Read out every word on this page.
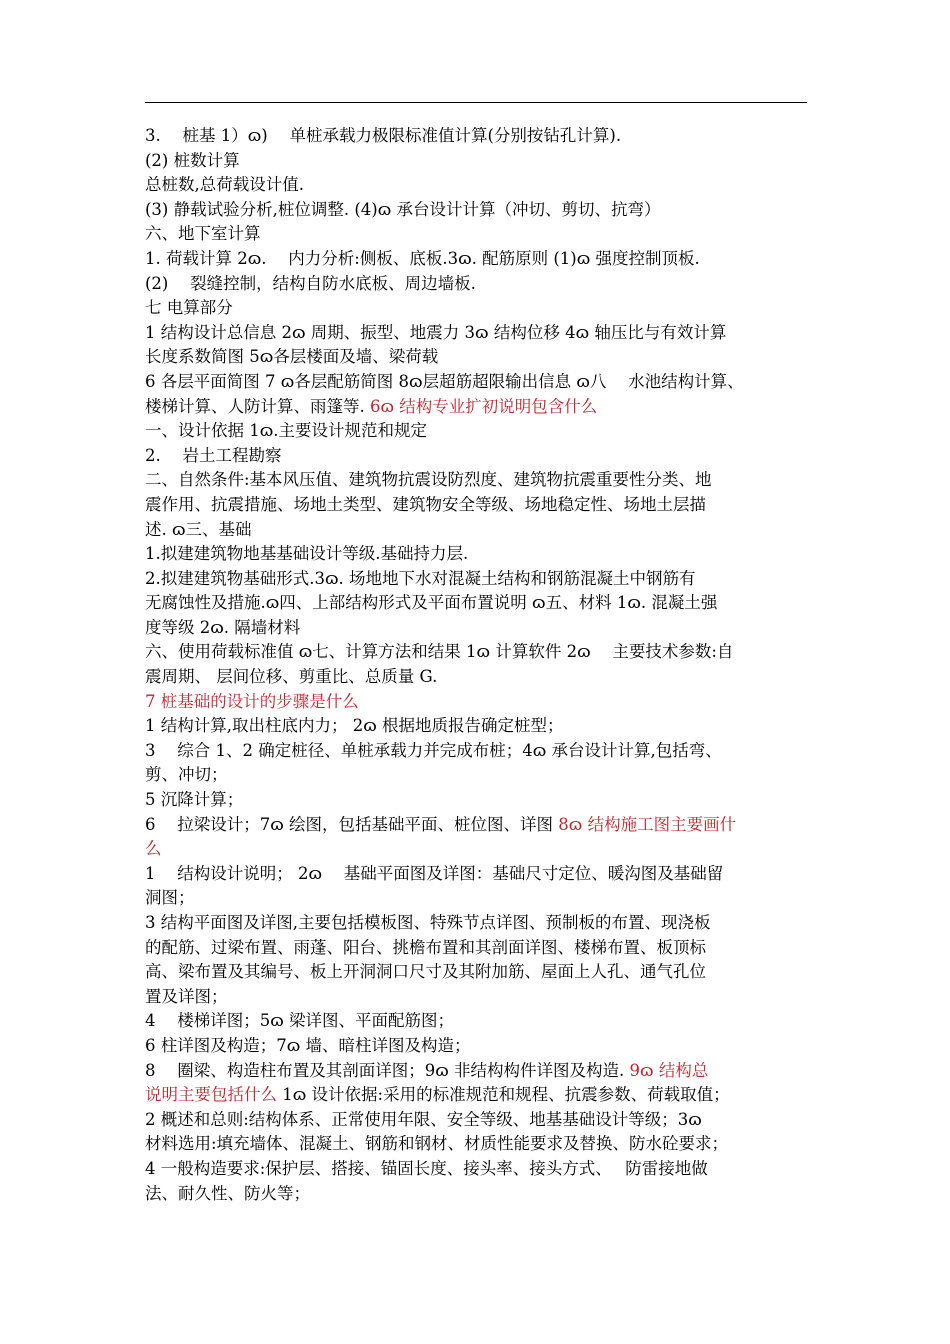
3.　 桩基 1）ɷ)　 单桩承载力极限标准值计算(分别按钻孔计算).
(2) 桩数计算
总桩数,总荷载设计值.
(3) 静载试验分析,桩位调整. (4)ɷ 承台设计计算（冲切、剪切、抗弯）
六、地下室计算
1. 荷载计算 2ɷ.　 内力分析:侧板、底板.3ɷ. 配筋原则 (1)ɷ 强度控制顶板.
(2)　 裂缝控制，结构自防水底板、周边墙板.
七 电算部分
1 结构设计总信息 2ɷ 周期、振型、地震力 3ɷ 结构位移 4ɷ 轴压比与有效计算
长度系数简图 5ɷ各层楼面及墙、梁荷载
6 各层平面简图 7 ɷ各层配筋简图 8ɷ层超筋超限输出信息 ɷ八　 水池结构计算、
楼梯计算、人防计算、雨篷等. 6ɷ 结构专业扩初说明包含什么
一、设计依据 1ɷ.主要设计规范和规定
2.　 岩土工程勘察
二、自然条件:基本风压值、建筑物抗震设防烈度、建筑物抗震重要性分类、地
震作用、抗震措施、场地土类型、建筑物安全等级、场地稳定性、场地土层描
述. ɷ三、基础
1.拟建建筑物地基基础设计等级.基础持力层.
2.拟建建筑物基础形式.3ɷ. 场地地下水对混凝土结构和钢筋混凝土中钢筋有
无腐蚀性及措施.ɷ四、上部结构形式及平面布置说明 ɷ五、材料 1ɷ. 混凝土强
度等级 2ɷ. 隔墙材料
六、使用荷载标准值 ɷ七、计算方法和结果 1ɷ 计算软件 2ɷ　 主要技术参数:自
震周期、 层间位移、剪重比、总质量 G.
7 桩基础的设计的步骤是什么
1 结构计算,取出柱底内力； 2ɷ 根据地质报告确定桩型；
3　 综合 1、2 确定桩径、单桩承载力并完成布桩；4ɷ 承台设计计算,包括弯、
剪、冲切；
5 沉降计算；
6　 拉梁设计；7ɷ 绘图，包括基础平面、桩位图、详图 8ɷ 结构施工图主要画什
么
1　 结构设计说明； 2ɷ　 基础平面图及详图：基础尺寸定位、暖沟图及基础留
洞图；
3 结构平面图及详图,主要包括模板图、特殊节点详图、预制板的布置、现浇板
的配筋、过梁布置、雨蓬、阳台、挑檐布置和其剖面详图、楼梯布置、板顶标
高、梁布置及其编号、板上开洞洞口尺寸及其附加筋、屋面上人孔、通气孔位
置及详图；
4　 楼梯详图；5ɷ 梁详图、平面配筋图；
6 柱详图及构造；7ɷ 墙、暗柱详图及构造；
8　 圈梁、构造柱布置及其剖面详图；9ɷ 非结构构件详图及构造. 9ɷ 结构总
说明主要包括什么 1ɷ 设计依据:采用的标准规范和规程、抗震参数、荷载取值；
2 概述和总则:结构体系、正常使用年限、安全等级、地基基础设计等级；3ɷ
材料选用:填充墙体、混凝土、钢筋和钢材、材质性能要求及替换、防水砼要求；
4 一般构造要求:保护层、搭接、锚固长度、接头率、接头方式、　 防雷接地做
法、耐久性、防火等；
